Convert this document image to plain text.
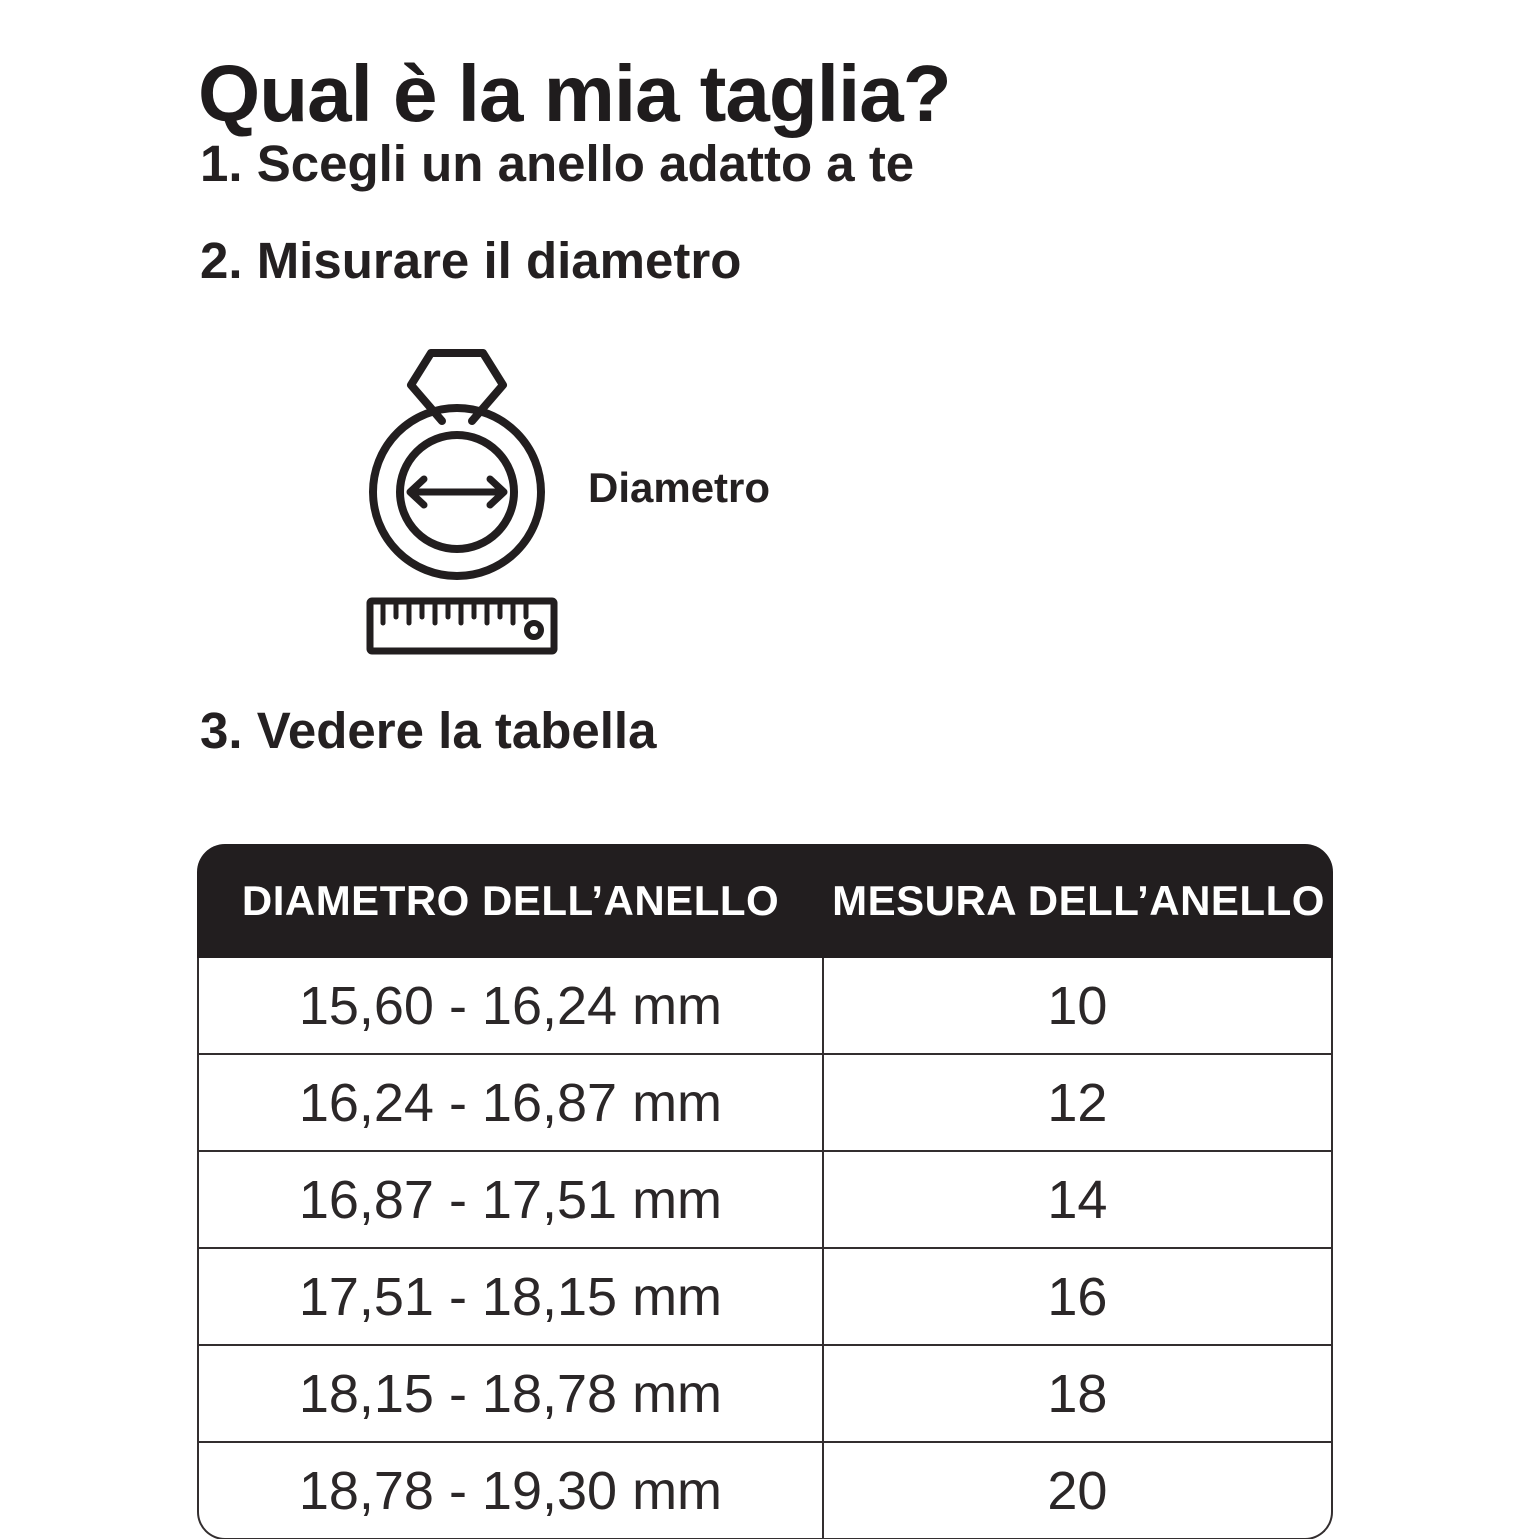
Qual è la mia taglia?
1. Scegli un anello adatto a te
2. Misurare il diametro
Diametro
3. Vedere la tabella
DIAMETRO DELL’ANELLO	MESURA DELL’ANELLO
15,60 - 16,24 mm	10
16,24 - 16,87 mm	12
16,87 - 17,51 mm	14
17,51 - 18,15 mm	16
18,15 - 18,78 mm	18
18,78 - 19,30 mm	20
